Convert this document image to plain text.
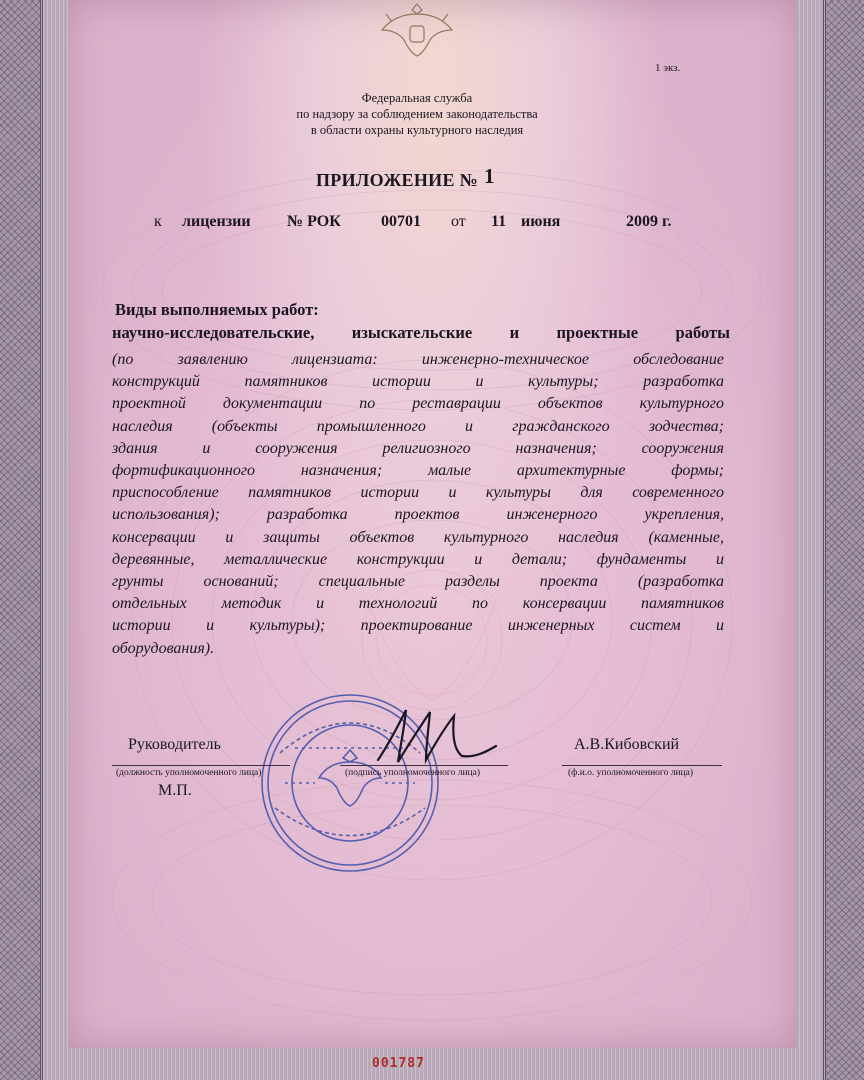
1 экз.
Федеральная служба
по надзору за соблюдением законодательства
в области охраны культурного наследия
ПРИЛОЖЕНИЕ № 1
к лицензии № РОК	00701 от 11 июня	2009 г.
Виды выполняемых работ:
научно-исследовательские, изыскательские и проектные работы
(по заявлению лицензиата: инженерно-техническое обследование
конструкций памятников истории и культуры; разработка
проектной документации по реставрации объектов культурного
наследия (объекты промышленного и гражданского зодчества;
здания и сооружения религиозного назначения; сооружения
фортификационного назначения; малые архитектурные формы;
приспособление памятников истории и культуры для современного
использования); разработка проектов инженерного укрепления,
консервации и защиты объектов культурного наследия (каменные,
деревянные, металлические конструкции и детали; фундаменты и
грунты оснований; специальные разделы проекта (разработка
отдельных методик и технологий по консервации памятников
истории и культуры); проектирование инженерных систем и
оборудования).
Руководитель	А.В.Кибовский
(должность уполномоченного лица)	(подпись уполномоченного лица)	(ф.и.о. уполномоченного лица)
М.П.
001787
